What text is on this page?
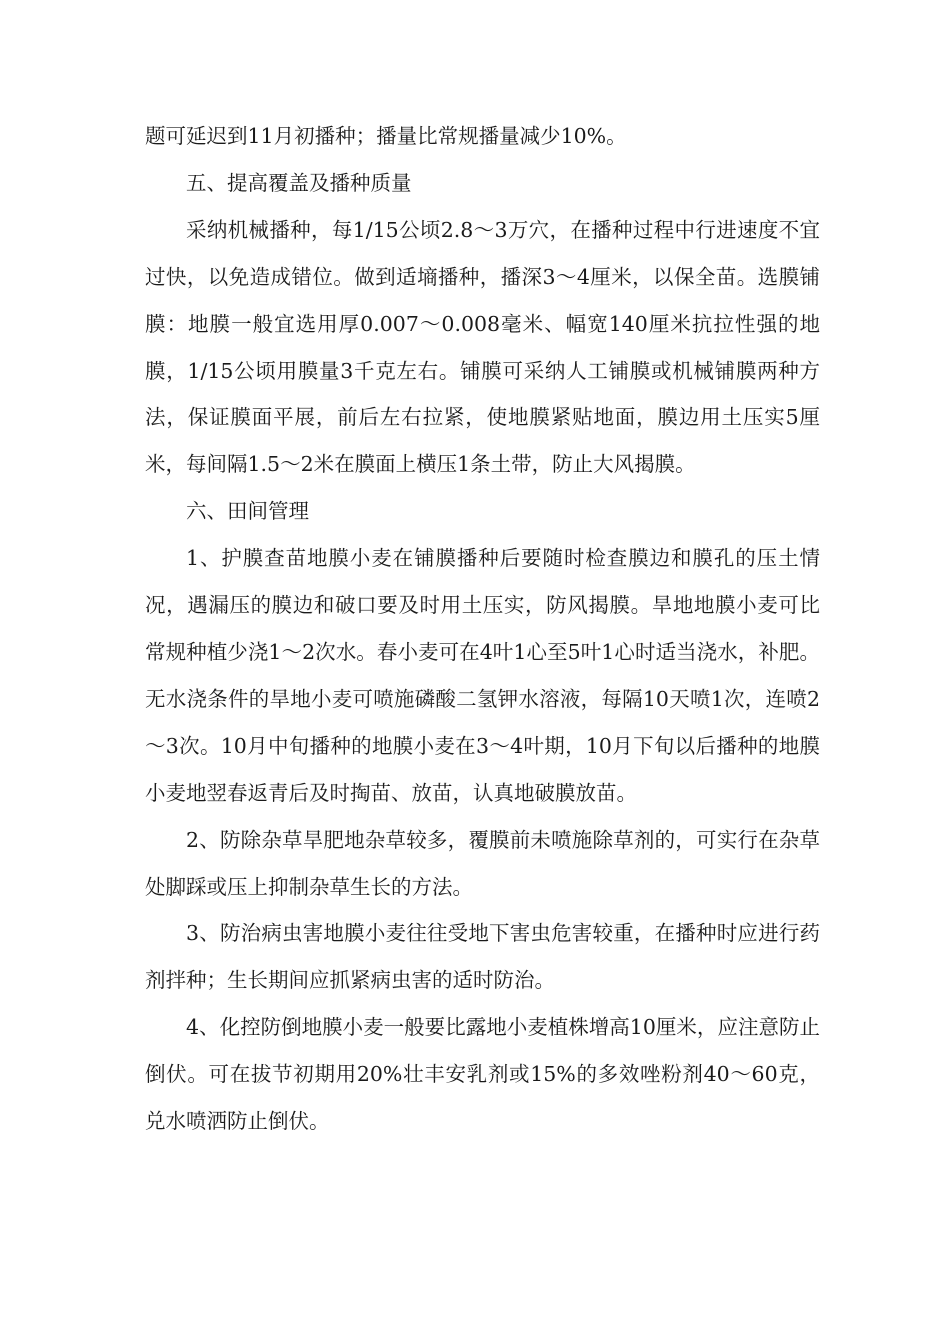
题可延迟到11月初播种；播量比常规播量减少10%。

五、提高覆盖及播种质量

采纳机械播种，每1/15公顷2.8～3万穴，在播种过程中行进速度不宜过快，以免造成错位。做到适墒播种，播深3～4厘米，以保全苗。选膜铺膜：地膜一般宜选用厚0.007～0.008毫米、幅宽140厘米抗拉性强的地膜，1/15公顷用膜量3千克左右。铺膜可采纳人工铺膜或机械铺膜两种方法，保证膜面平展，前后左右拉紧，使地膜紧贴地面，膜边用土压实5厘米，每间隔1.5～2米在膜面上横压1条土带，防止大风揭膜。

六、田间管理

1、护膜查苗地膜小麦在铺膜播种后要随时检查膜边和膜孔的压土情况，遇漏压的膜边和破口要及时用土压实，防风揭膜。旱地地膜小麦可比常规种植少浇1～2次水。春小麦可在4叶1心至5叶1心时适当浇水，补肥。无水浇条件的旱地小麦可喷施磷酸二氢钾水溶液，每隔10天喷1次，连喷2～3次。10月中旬播种的地膜小麦在3～4叶期，10月下旬以后播种的地膜小麦地翌春返青后及时掏苗、放苗，认真地破膜放苗。

2、防除杂草旱肥地杂草较多，覆膜前未喷施除草剂的，可实行在杂草处脚踩或压上抑制杂草生长的方法。

3、防治病虫害地膜小麦往往受地下害虫危害较重，在播种时应进行药剂拌种；生长期间应抓紧病虫害的适时防治。

4、化控防倒地膜小麦一般要比露地小麦植株增高10厘米，应注意防止倒伏。可在拔节初期用20%壮丰安乳剂或15%的多效唑粉剂40～60克，兑水喷洒防止倒伏。
